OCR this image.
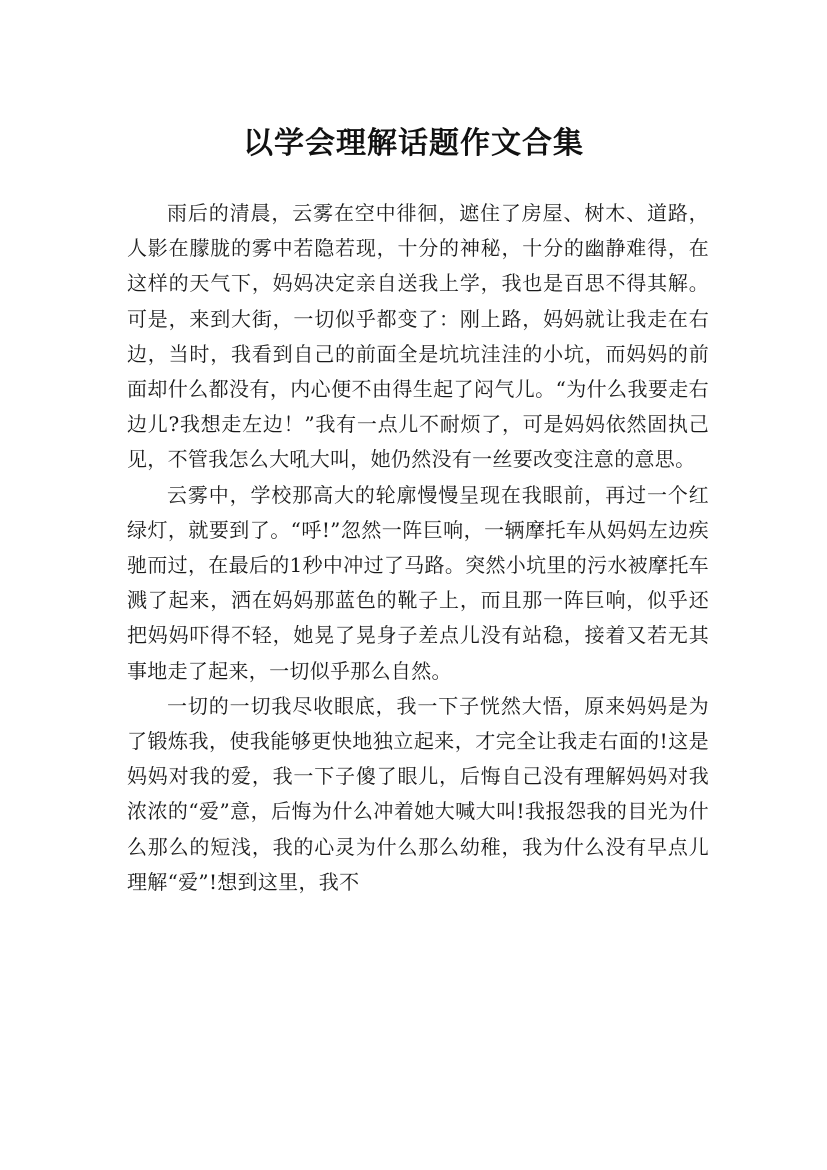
以学会理解话题作文合集

雨后的清晨，云雾在空中徘徊，遮住了房屋、树木、道路，人影在朦胧的雾中若隐若现，十分的神秘，十分的幽静难得，在这样的天气下，妈妈决定亲自送我上学，我也是百思不得其解。可是，来到大街，一切似乎都变了：刚上路，妈妈就让我走在右边，当时，我看到自己的前面全是坑坑洼洼的小坑，而妈妈的前面却什么都没有，内心便不由得生起了闷气儿。“为什么我要走右边儿?我想走左边！”我有一点儿不耐烦了，可是妈妈依然固执己见，不管我怎么大吼大叫，她仍然没有一丝要改变注意的意思。

云雾中，学校那高大的轮廓慢慢呈现在我眼前，再过一个红绿灯，就要到了。“呼!”忽然一阵巨响，一辆摩托车从妈妈左边疾驰而过，在最后的1秒中冲过了马路。突然小坑里的污水被摩托车溅了起来，洒在妈妈那蓝色的靴子上，而且那一阵巨响，似乎还把妈妈吓得不轻，她晃了晃身子差点儿没有站稳，接着又若无其事地走了起来，一切似乎那么自然。

一切的一切我尽收眼底，我一下子恍然大悟，原来妈妈是为了锻炼我，使我能够更快地独立起来，才完全让我走右面的!这是妈妈对我的爱，我一下子傻了眼儿，后悔自己没有理解妈妈对我浓浓的“爱”意，后悔为什么冲着她大喊大叫!我报怨我的目光为什么那么的短浅，我的心灵为什么那么幼稚，我为什么没有早点儿理解“爱”!想到这里，我不
